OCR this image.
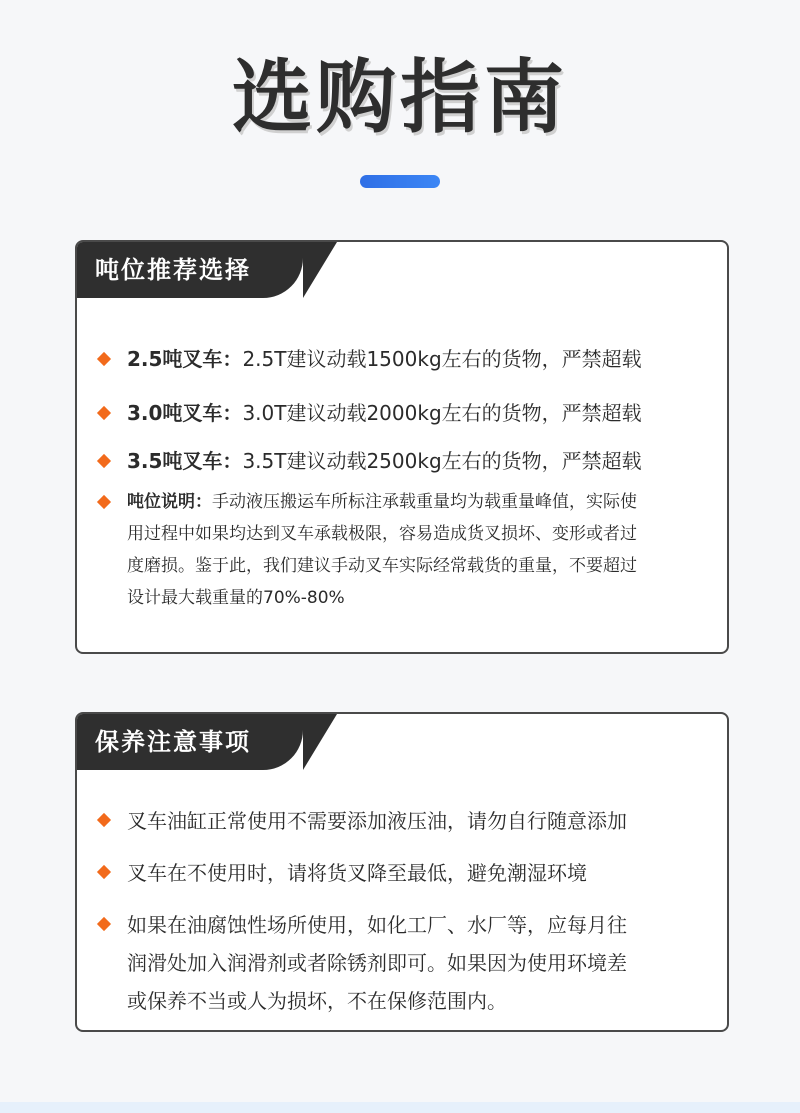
选购指南
吨位推荐选择
2.5吨叉车：2.5T建议动载1500kg左右的货物，严禁超载
3.0吨叉车：3.0T建议动载2000kg左右的货物，严禁超载
3.5吨叉车：3.5T建议动载2500kg左右的货物，严禁超载
吨位说明：手动液压搬运车所标注承载重量均为载重量峰值，实际使
用过程中如果均达到叉车承载极限，容易造成货叉损坏、变形或者过
度磨损。鉴于此，我们建议手动叉车实际经常载货的重量，不要超过
设计最大载重量的70%-80%
保养注意事项
叉车油缸正常使用不需要添加液压油，请勿自行随意添加
叉车在不使用时，请将货叉降至最低，避免潮湿环境
如果在油腐蚀性场所使用，如化工厂、水厂等，应每月往
润滑处加入润滑剂或者除锈剂即可。如果因为使用环境差
或保养不当或人为损坏，不在保修范围内。
